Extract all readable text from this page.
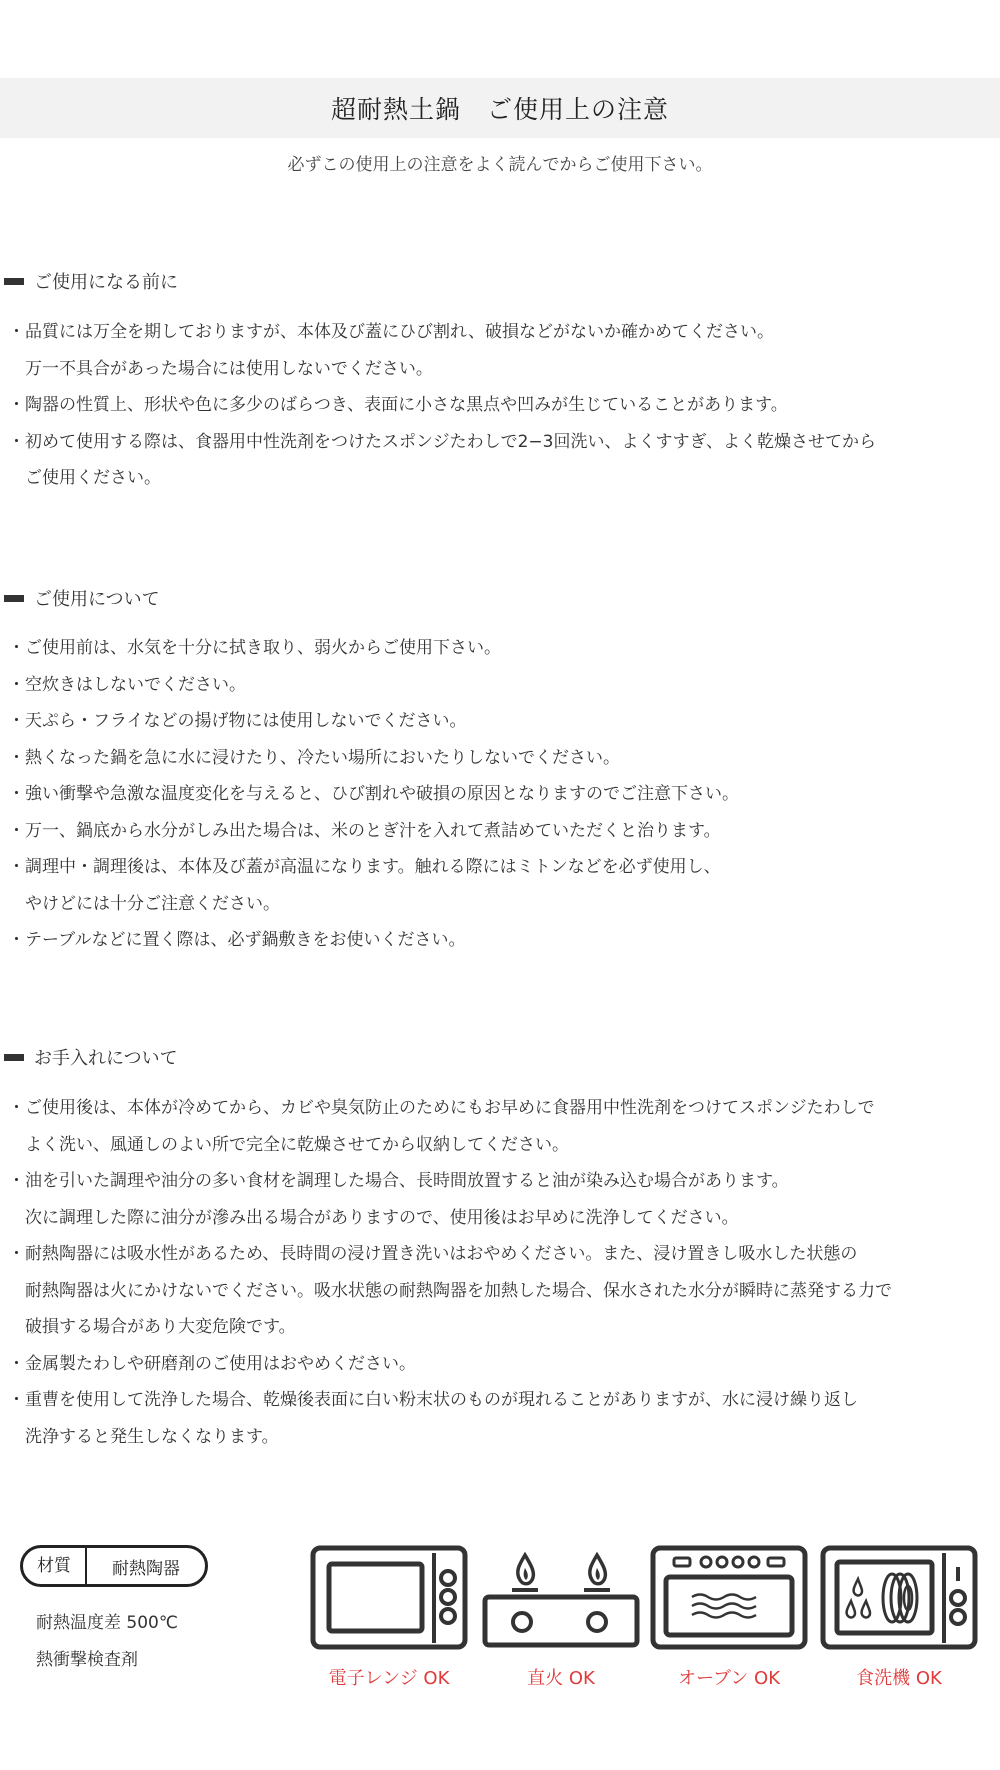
超耐熱土鍋　ご使用上の注意
必ずこの使用上の注意をよく読んでからご使用下さい。
ご使用になる前に
・品質には万全を期しておりますが、本体及び蓋にひび割れ、破損などがないか確かめてください。
万一不具合があった場合には使用しないでください。
・陶器の性質上、形状や色に多少のばらつき、表面に小さな黒点や凹みが生じていることがあります。
・初めて使用する際は、食器用中性洗剤をつけたスポンジたわしで2−3回洗い、よくすすぎ、よく乾燥させてから
ご使用ください。
ご使用について
・ご使用前は、水気を十分に拭き取り、弱火からご使用下さい。
・空炊きはしないでください。
・天ぷら・フライなどの揚げ物には使用しないでください。
・熱くなった鍋を急に水に浸けたり、冷たい場所においたりしないでください。
・強い衝撃や急激な温度変化を与えると、ひび割れや破損の原因となりますのでご注意下さい。
・万一、鍋底から水分がしみ出た場合は、米のとぎ汁を入れて煮詰めていただくと治ります。
・調理中・調理後は、本体及び蓋が高温になります。触れる際にはミトンなどを必ず使用し、
やけどには十分ご注意ください。
・テーブルなどに置く際は、必ず鍋敷きをお使いください。
お手入れについて
・ご使用後は、本体が冷めてから、カビや臭気防止のためにもお早めに食器用中性洗剤をつけてスポンジたわしで
よく洗い、風通しのよい所で完全に乾燥させてから収納してください。
・油を引いた調理や油分の多い食材を調理した場合、長時間放置すると油が染み込む場合があります。
次に調理した際に油分が滲み出る場合がありますので、使用後はお早めに洗浄してください。
・耐熱陶器には吸水性があるため、長時間の浸け置き洗いはおやめください。また、浸け置きし吸水した状態の
耐熱陶器は火にかけないでください。吸水状態の耐熱陶器を加熱した場合、保水された水分が瞬時に蒸発する力で
破損する場合があり大変危険です。
・金属製たわしや研磨剤のご使用はおやめください。
・重曹を使用して洗浄した場合、乾燥後表面に白い粉末状のものが現れることがありますが、水に浸け繰り返し
洗浄すると発生しなくなります。
材質	耐熱陶器
耐熱温度差 500℃
熱衝撃検査剤
電子レンジ OK	直火 OK	オーブン OK	食洗機 OK
